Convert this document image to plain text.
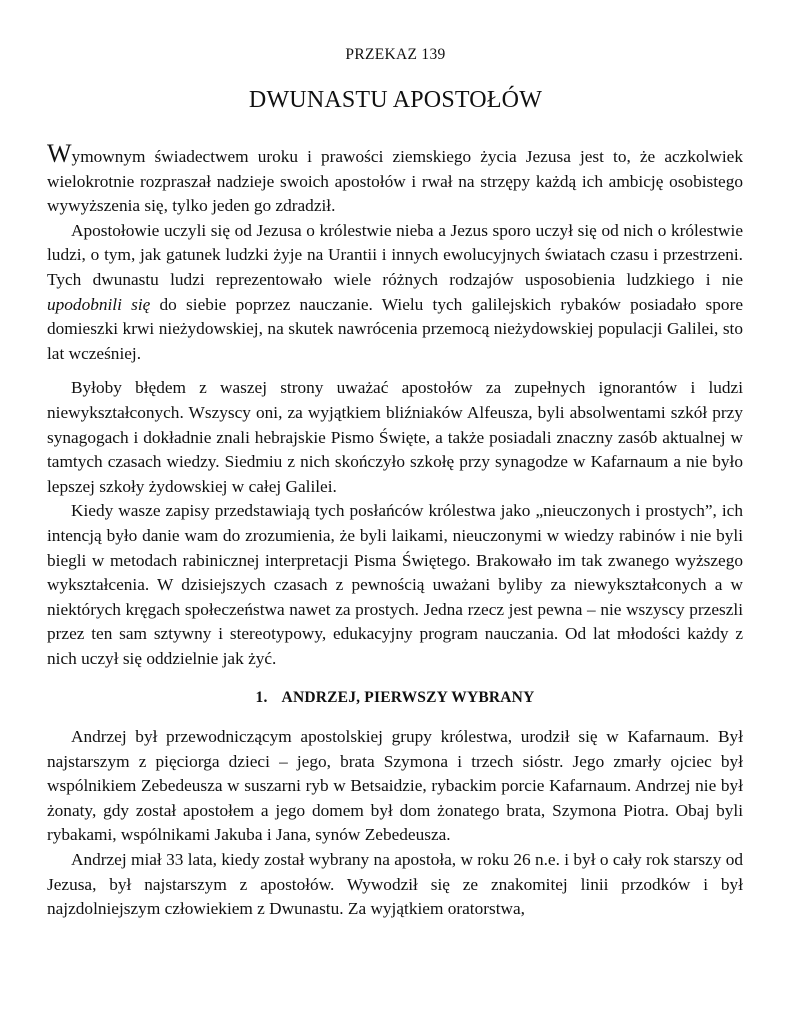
PRZEKAZ 139
DWUNASTU APOSTOŁÓW

Wymownym świadectwem uroku i prawości ziemskiego życia Jezusa jest to, że aczkolwiek wielokrotnie rozpraszał nadzieje swoich apostołów i rwał na strzępy każdą ich ambicję osobistego wywyższenia się, tylko jeden go zdradził.

Apostołowie uczyli się od Jezusa o królestwie nieba a Jezus sporo uczył się od nich o królestwie ludzi, o tym, jak gatunek ludzki żyje na Urantii i innych ewolucyjnych światach czasu i przestrzeni. Tych dwunastu ludzi reprezentowało wiele różnych rodzajów usposobienia ludzkiego i nie upodobnili się do siebie poprzez nauczanie. Wielu tych galilejskich rybaków posiadało spore domieszki krwi nieżydowskiej, na skutek nawrócenia przemocą nieżydowskiej populacji Galilei, sto lat wcześniej.

Byłoby błędem z waszej strony uważać apostołów za zupełnych ignorantów i ludzi niewykształconych. Wszyscy oni, za wyjątkiem bliźniaków Alfeusza, byli absolwentami szkół przy synagogach i dokładnie znali hebrajskie Pismo Święte, a także posiadali znaczny zasób aktualnej w tamtych czasach wiedzy. Siedmiu z nich skończyło szkołę przy synagodze w Kafarnaum a nie było lepszej szkoły żydowskiej w całej Galilei.

Kiedy wasze zapisy przedstawiają tych posłańców królestwa jako „nieuczonych i prostych”, ich intencją było danie wam do zrozumienia, że byli laikami, nieuczonymi w wiedzy rabinów i nie byli biegli w metodach rabinicznej interpretacji Pisma Świętego. Brakowało im tak zwanego wyższego wykształcenia. W dzisiejszych czasach z pewnością uważani byliby za niewykształconych a w niektórych kręgach społeczeństwa nawet za prostych. Jedna rzecz jest pewna – nie wszyscy przeszli przez ten sam sztywny i stereotypowy, edukacyjny program nauczania. Od lat młodości każdy z nich uczył się oddzielnie jak żyć.

1. ANDRZEJ, PIERWSZY WYBRANY

Andrzej był przewodniczącym apostolskiej grupy królestwa, urodził się w Kafarnaum. Był najstarszym z pięciorga dzieci – jego, brata Szymona i trzech sióstr. Jego zmarły ojciec był wspólnikiem Zebedeusza w suszarni ryb w Betsaidzie, rybackim porcie Kafarnaum. Andrzej nie był żonaty, gdy został apostołem a jego domem był dom żonatego brata, Szymona Piotra. Obaj byli rybakami, wspólnikami Jakuba i Jana, synów Zebedeusza.

Andrzej miał 33 lata, kiedy został wybrany na apostoła, w roku 26 n.e. i był o cały rok starszy od Jezusa, był najstarszym z apostołów. Wywodził się ze znakomitej linii przodków i był najzdolniejszym człowiekiem z Dwunastu. Za wyjątkiem oratorstwa,
